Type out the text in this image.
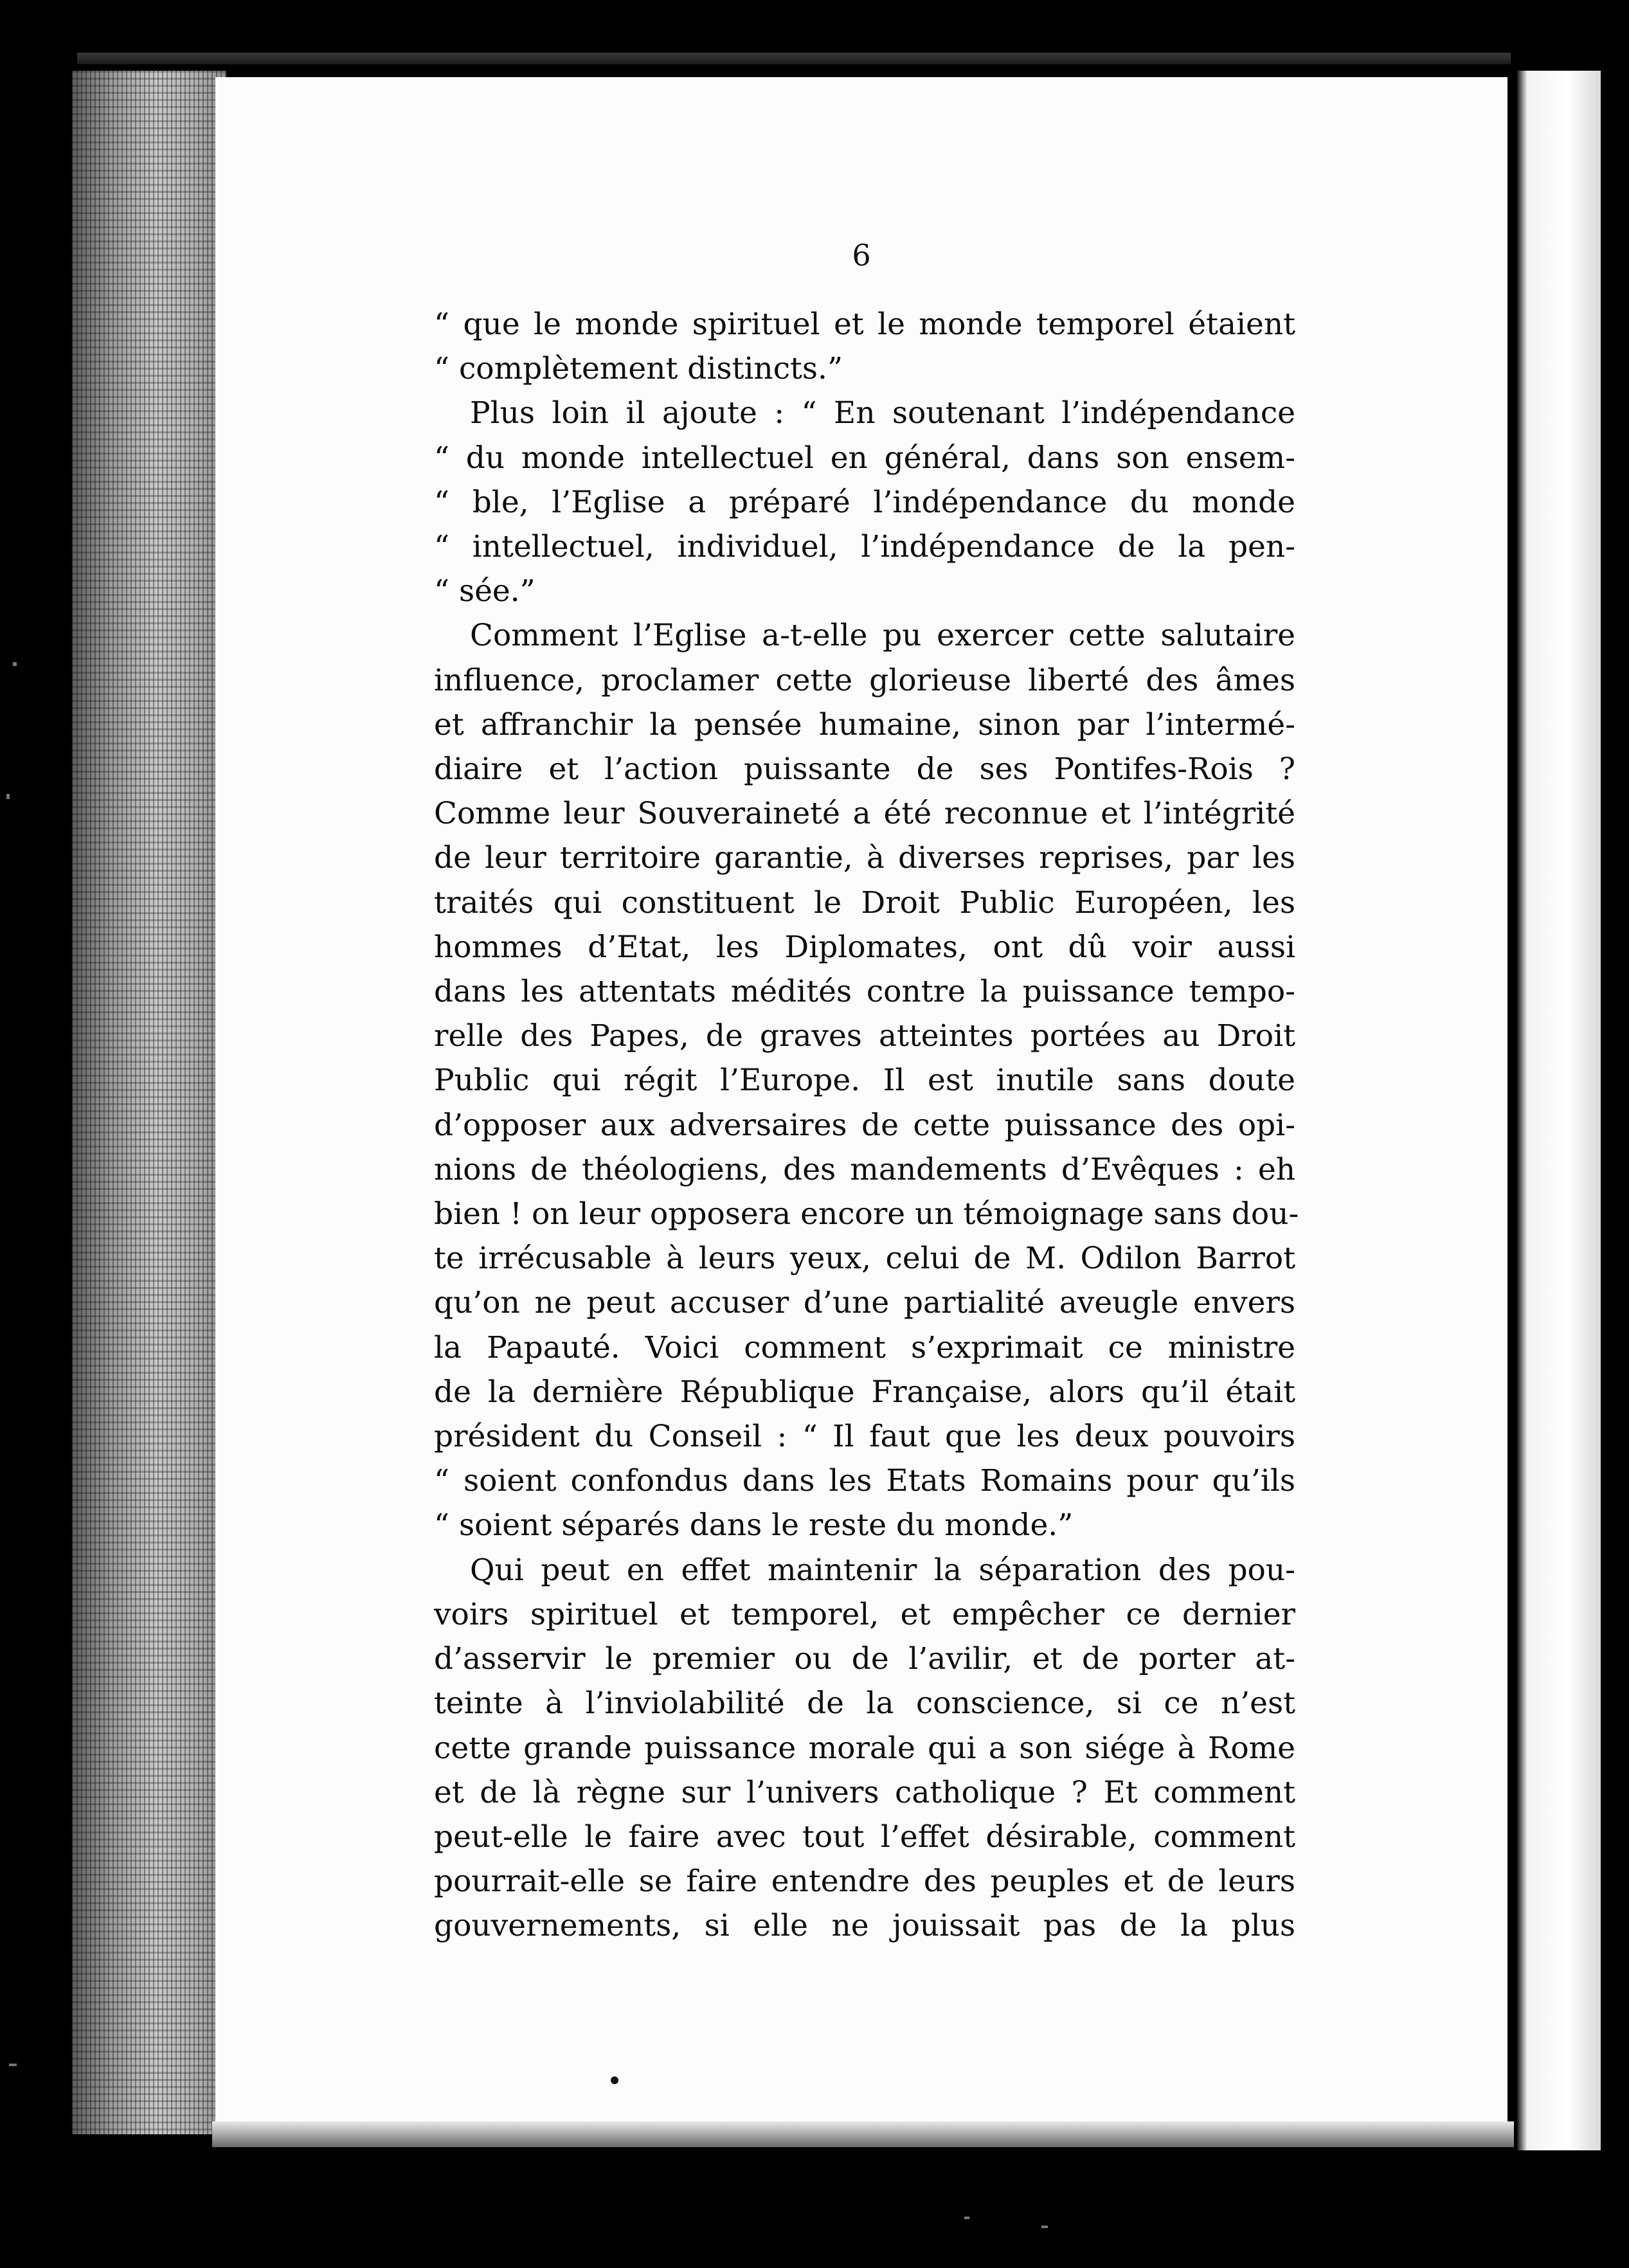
6

“ que le monde spirituel et le monde temporel étaient
“ complètement distincts.”

Plus loin il ajoute : “ En soutenant l’indépendance
“ du monde intellectuel en général, dans son ensem-
“ ble, l’Eglise a préparé l’indépendance du monde
“ intellectuel, individuel, l’indépendance de la pen-
“ sée.”

Comment l’Eglise a-t-elle pu exercer cette salutaire
influence, proclamer cette glorieuse liberté des âmes
et affranchir la pensée humaine, sinon par l’intermé-
diaire et l’action puissante de ses Pontifes-Rois ?
Comme leur Souveraineté a été reconnue et l’intégrité
de leur territoire garantie, à diverses reprises, par les
traités qui constituent le Droit Public Européen, les
hommes d’Etat, les Diplomates, ont dû voir aussi
dans les attentats médités contre la puissance tempo-
relle des Papes, de graves atteintes portées au Droit
Public qui régit l’Europe. Il est inutile sans doute
d’opposer aux adversaires de cette puissance des opi-
nions de théologiens, des mandements d’Evêques : eh
bien ! on leur opposera encore un témoignage sans dou-
te irrécusable à leurs yeux, celui de M. Odilon Barrot
qu’on ne peut accuser d’une partialité aveugle envers
la Papauté. Voici comment s’exprimait ce ministre
de la dernière République Française, alors qu’il était
président du Conseil : “ Il faut que les deux pouvoirs
“ soient confondus dans les Etats Romains pour qu’ils
“ soient séparés dans le reste du monde.”

Qui peut en effet maintenir la séparation des pou-
voirs spirituel et temporel, et empêcher ce dernier
d’asservir le premier ou de l’avilir, et de porter at-
teinte à l’inviolabilité de la conscience, si ce n’est
cette grande puissance morale qui a son siége à Rome
et de là règne sur l’univers catholique ? Et comment
peut-elle le faire avec tout l’effet désirable, comment
pourrait-elle se faire entendre des peuples et de leurs
gouvernements, si elle ne jouissait pas de la plus
